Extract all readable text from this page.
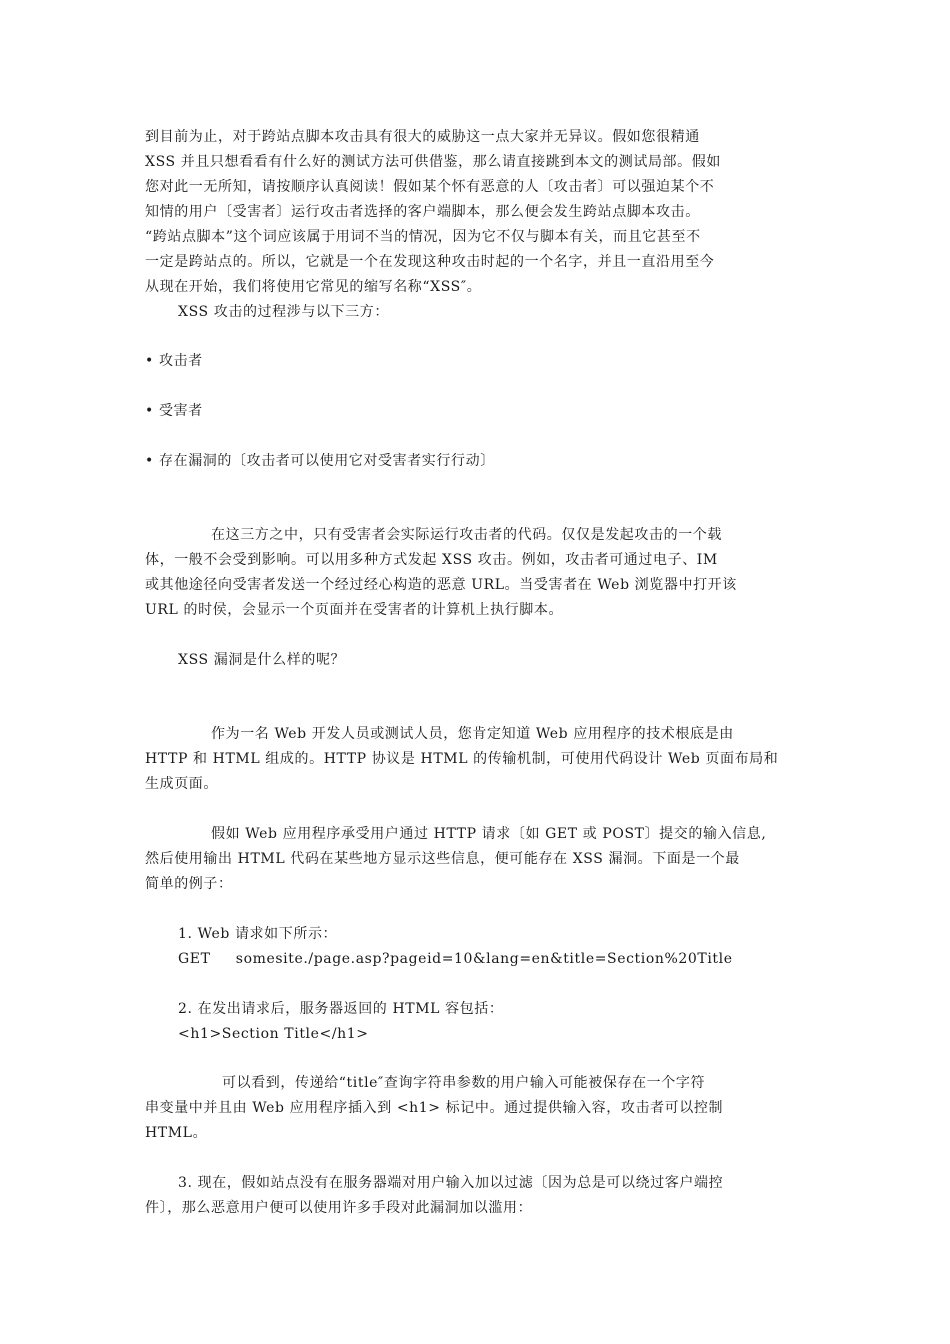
到目前为止，对于跨站点脚本攻击具有很大的威胁这一点大家并无异议。假如您很精通
XSS 并且只想看看有什么好的测试方法可供借鉴，那么请直接跳到本文的测试局部。假如
您对此一无所知，请按顺序认真阅读！假如某个怀有恶意的人〔攻击者〕可以强迫某个不
知情的用户〔受害者〕运行攻击者选择的客户端脚本，那么便会发生跨站点脚本攻击。
“跨站点脚本”这个词应该属于用词不当的情况，因为它不仅与脚本有关，而且它甚至不
一定是跨站点的。所以，它就是一个在发现这种攻击时起的一个名字，并且一直沿用至今
从现在开始，我们将使用它常见的缩写名称“XSS″。
XSS 攻击的过程涉与以下三方：
• 攻击者
• 受害者
• 存在漏洞的〔攻击者可以使用它对受害者实行行动〕
在这三方之中，只有受害者会实际运行攻击者的代码。仅仅是发起攻击的一个载
体，一般不会受到影响。可以用多种方式发起 XSS 攻击。例如，攻击者可通过电子、IM
或其他途径向受害者发送一个经过经心构造的恶意 URL。当受害者在 Web 浏览器中打开该
URL 的时侯，会显示一个页面并在受害者的计算机上执行脚本。
XSS 漏洞是什么样的呢？
作为一名 Web 开发人员或测试人员，您肯定知道 Web 应用程序的技术根底是由
HTTP 和 HTML 组成的。HTTP 协议是 HTML 的传输机制，可使用代码设计 Web 页面布局和
生成页面。
假如 Web 应用程序承受用户通过 HTTP 请求〔如 GET 或 POST〕提交的输入信息,
然后使用输出 HTML 代码在某些地方显示这些信息，便可能存在 XSS 漏洞。下面是一个最
简单的例子：
1. Web 请求如下所示：
GET     somesite./page.asp?pageid=10&lang=en&title=Section%20Title
2. 在发出请求后，服务器返回的 HTML 容包括：
<h1>Section Title</h1>
可以看到，传递给“title″查询字符串参数的用户输入可能被保存在一个字符
串变量中并且由 Web 应用程序插入到 <h1> 标记中。通过提供输入容，攻击者可以控制
HTML。
3. 现在，假如站点没有在服务器端对用户输入加以过滤〔因为总是可以绕过客户端控
件〕，那么恶意用户便可以使用许多手段对此漏洞加以滥用：
